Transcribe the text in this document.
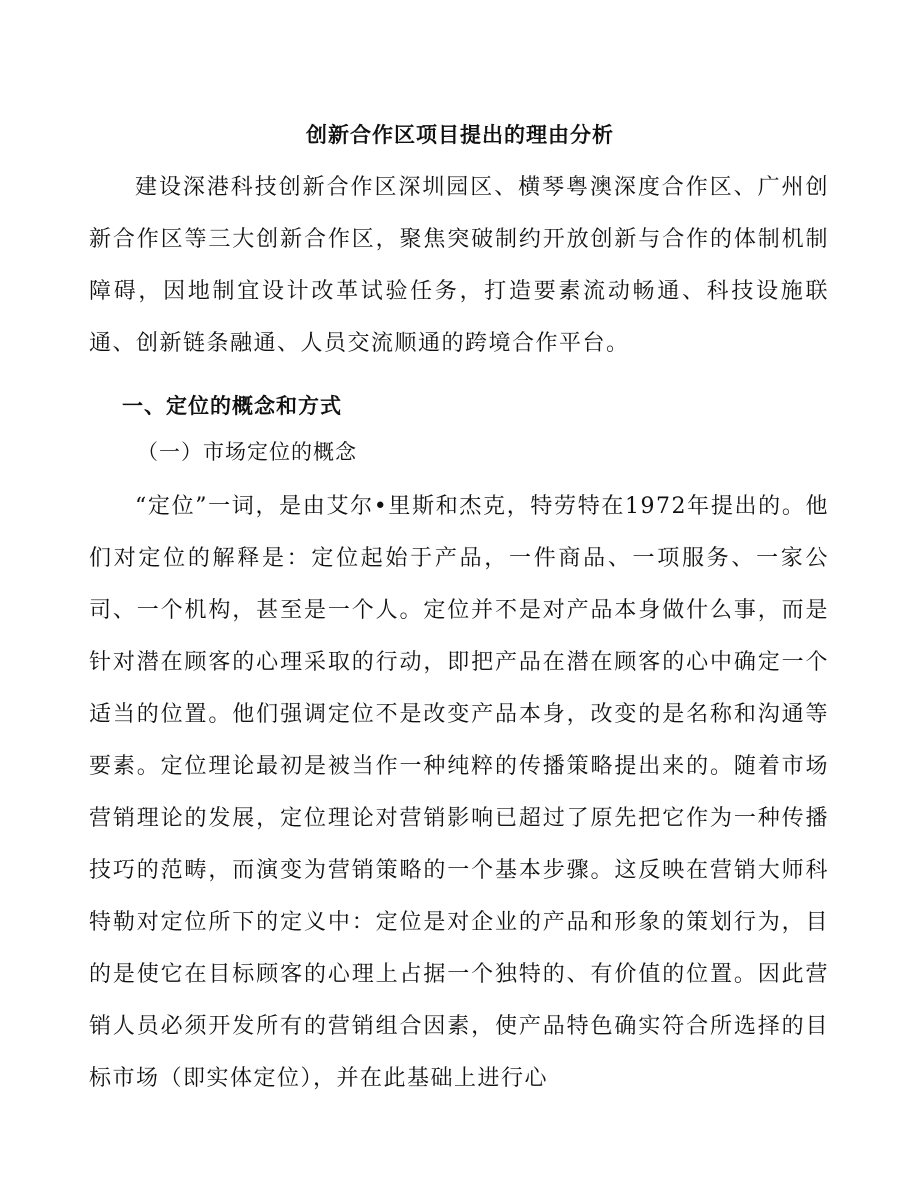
创新合作区项目提出的理由分析

建设深港科技创新合作区深圳园区、横琴粤澳深度合作区、广州创新合作区等三大创新合作区，聚焦突破制约开放创新与合作的体制机制障碍，因地制宜设计改革试验任务，打造要素流动畅通、科技设施联通、创新链条融通、人员交流顺通的跨境合作平台。

一、定位的概念和方式
（一）市场定位的概念

“定位”一词，是由艾尔•里斯和杰克，特劳特在1972年提出的。他们对定位的解释是：定位起始于产品，一件商品、一项服务、一家公司、一个机构，甚至是一个人。定位并不是对产品本身做什么事，而是针对潜在顾客的心理采取的行动，即把产品在潜在顾客的心中确定一个适当的位置。他们强调定位不是改变产品本身，改变的是名称和沟通等要素。定位理论最初是被当作一种纯粹的传播策略提出来的。随着市场营销理论的发展，定位理论对营销影响已超过了原先把它作为一种传播技巧的范畴，而演变为营销策略的一个基本步骤。这反映在营销大师科特勒对定位所下的定义中：定位是对企业的产品和形象的策划行为，目的是使它在目标顾客的心理上占据一个独特的、有价值的位置。因此营销人员必须开发所有的营销组合因素，使产品特色确实符合所选择的目标市场（即实体定位），并在此基础上进行心
